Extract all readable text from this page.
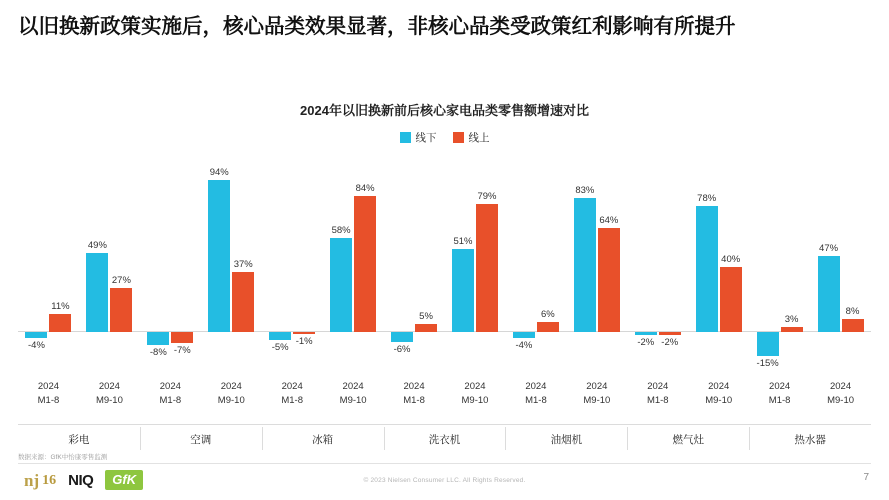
以旧换新政策实施后，核心品类效果显著，非核心品类受政策红利影响有所提升
2024年以旧换新前后核心家电品类零售额增速对比
线下	线上
-4%
11%
49%
27%
-8% -7%
94%
37%
-5%
-1%
58%
84%
-6%
5%
51%
79%
-4%
6%
83%
64%
-2% -2%
78%
40%
-15%
3%
47%
8%
2024
M1-8
2024
M9-10
2024
M1-8
2024
M9-10
2024
M1-8
2024
M9-10
2024
M1-8
2024
M9-10
2024
M1-8
2024
M9-10
2024
M1-8
2024
M9-10
2024
M1-8
2024
M9-10
彩电	空调	冰箱	洗衣机	油烟机	燃气灶	热水器
数据来源：GfK中怡康零售监测
nj 16 NIQ	GfK	© 2023 Nielsen Consumer LLC. All Rights Reserved.	7
